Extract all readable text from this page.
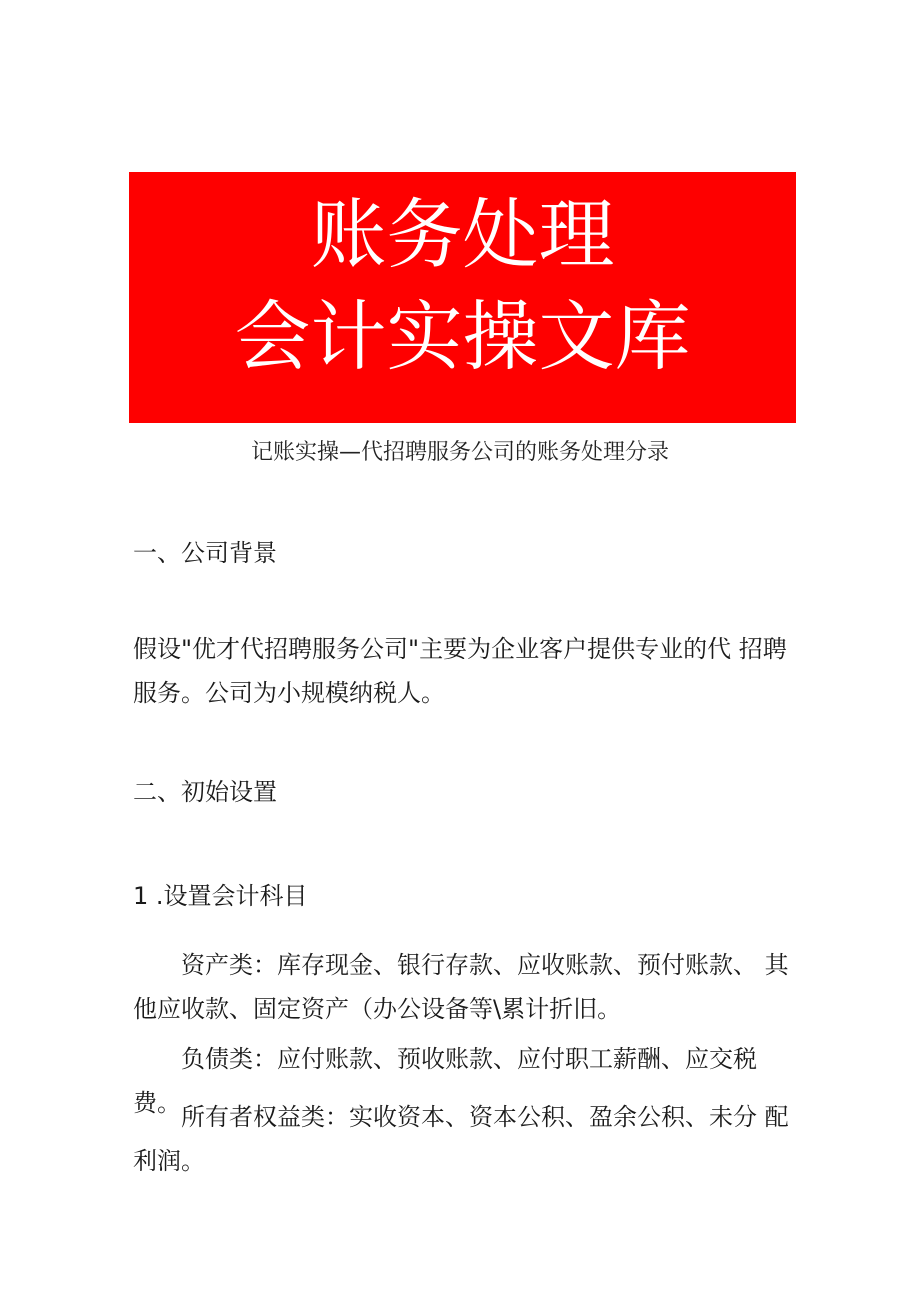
账务处理
会计实操文库
记账实操—代招聘服务公司的账务处理分录
一、公司背景
假设"优才代招聘服务公司"主要为企业客户提供专业的代 招聘服务。公司为小规模纳税人。
二、初始设置
1 .设置会计科目
资产类：库存现金、银行存款、应收账款、预付账款、 其他应收款、固定资产（办公设备等\累计折旧。
负债类：应付账款、预收账款、应付职工薪酬、应交税 费。 所有者权益类：实收资本、资本公积、盈余公积、未分 配利润。
